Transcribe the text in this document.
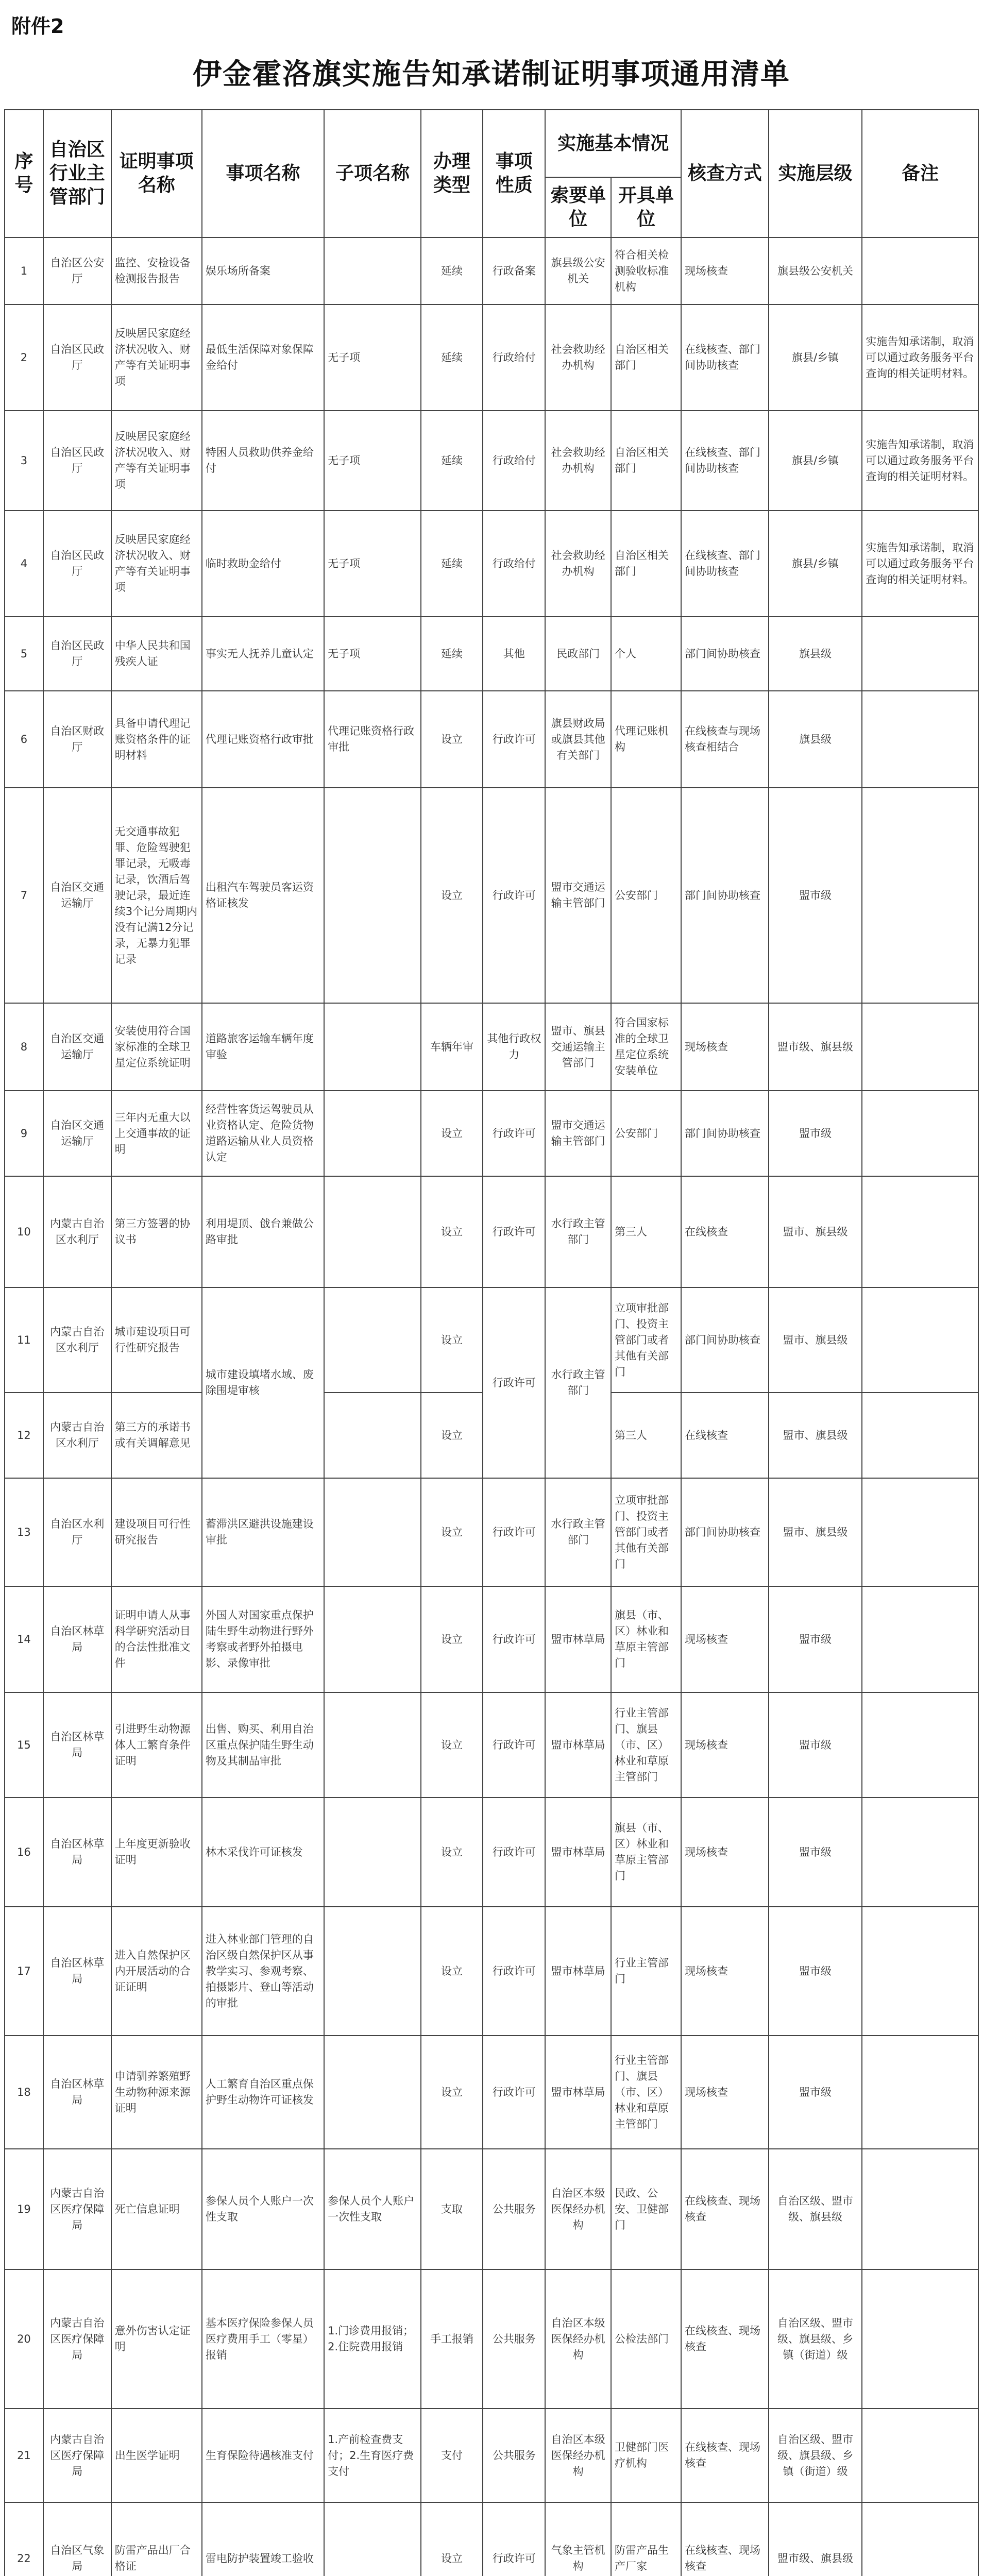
附件2
伊金霍洛旗实施告知承诺制证明事项通用清单
序号	自治区行业主管部门	证明事项名称	事项名称	子项名称	办理类型	事项性质	实施基本情况		核查方式	实施层级	备注
							索要单位	开具单位			
1	自治区公安厅	监控、安检设备检测报告报告	娱乐场所备案		延续	行政备案	旗县级公安机关	符合相关检测验收标准机构	现场核查	旗县级公安机关	
2	自治区民政厅	反映居民家庭经济状况收入、财产等有关证明事项	最低生活保障对象保障金给付	无子项	延续	行政给付	社会救助经办机构	自治区相关部门	在线核查、部门间协助核查	旗县/乡镇	实施告知承诺制，取消可以通过政务服务平台查询的相关证明材料。
3	自治区民政厅	反映居民家庭经济状况收入、财产等有关证明事项	特困人员救助供养金给付	无子项	延续	行政给付	社会救助经办机构	自治区相关部门	在线核查、部门间协助核查	旗县/乡镇	实施告知承诺制，取消可以通过政务服务平台查询的相关证明材料。
4	自治区民政厅	反映居民家庭经济状况收入、财产等有关证明事项	临时救助金给付	无子项	延续	行政给付	社会救助经办机构	自治区相关部门	在线核查、部门间协助核查	旗县/乡镇	实施告知承诺制，取消可以通过政务服务平台查询的相关证明材料。
5	自治区民政厅	中华人民共和国残疾人证	事实无人抚养儿童认定	无子项	延续	其他	民政部门	个人	部门间协助核查	旗县级	
6	自治区财政厅	具备申请代理记账资格条件的证明材料	代理记账资格行政审批	代理记账资格行政审批	设立	行政许可	旗县财政局或旗县其他有关部门	代理记账机构	在线核查与现场核查相结合	旗县级	
7	自治区交通运输厅	无交通事故犯罪、危险驾驶犯罪记录，无吸毒记录，饮酒后驾驶记录，最近连续3个记分周期内没有记满12分记录，无暴力犯罪记录	出租汽车驾驶员客运资格证核发		设立	行政许可	盟市交通运输主管部门	公安部门	部门间协助核查	盟市级	
8	自治区交通运输厅	安装使用符合国家标准的全球卫星定位系统证明	道路旅客运输车辆年度审验		车辆年审	其他行政权力	盟市、旗县交通运输主管部门	符合国家标准的全球卫星定位系统安装单位	现场核查	盟市级、旗县级	
9	自治区交通运输厅	三年内无重大以上交通事故的证明	经营性客货运驾驶员从业资格认定、危险货物道路运输从业人员资格认定		设立	行政许可	盟市交通运输主管部门	公安部门	部门间协助核查	盟市级	
10	内蒙古自治区水利厅	第三方签署的协议书	利用堤顶、戗台兼做公路审批		设立	行政许可	水行政主管部门	第三人	在线核查	盟市、旗县级	
11	内蒙古自治区水利厅	城市建设项目可行性研究报告	城市建设填堵水域、废除围堤审核		设立	行政许可	水行政主管部门	立项审批部门、投资主管部门或者其他有关部门	部门间协助核查	盟市、旗县级	
12	内蒙古自治区水利厅	第三方的承诺书或有关调解意见			设立			第三人	在线核查	盟市、旗县级	
13	自治区水利厅	建设项目可行性研究报告	蓄滞洪区避洪设施建设审批		设立	行政许可	水行政主管部门	立项审批部门、投资主管部门或者其他有关部门	部门间协助核查	盟市、旗县级	
14	自治区林草局	证明申请人从事科学研究活动目的合法性批准文件	外国人对国家重点保护陆生野生动物进行野外考察或者野外拍摄电影、录像审批		设立	行政许可	盟市林草局	旗县（市、区）林业和草原主管部门	现场核查	盟市级	
15	自治区林草局	引进野生动物源体人工繁育条件证明	出售、购买、利用自治区重点保护陆生野生动物及其制品审批		设立	行政许可	盟市林草局	行业主管部门、旗县（市、区）林业和草原主管部门	现场核查	盟市级	
16	自治区林草局	上年度更新验收证明	林木采伐许可证核发		设立	行政许可	盟市林草局	旗县（市、区）林业和草原主管部门	现场核查	盟市级	
17	自治区林草局	进入自然保护区内开展活动的合证证明	进入林业部门管理的自治区级自然保护区从事教学实习、参观考察、拍摄影片、登山等活动的审批		设立	行政许可	盟市林草局	行业主管部门	现场核查	盟市级	
18	自治区林草局	申请驯养繁殖野生动物种源来源证明	人工繁育自治区重点保护野生动物许可证核发		设立	行政许可	盟市林草局	行业主管部门、旗县（市、区）林业和草原主管部门	现场核查	盟市级	
19	内蒙古自治区医疗保障局	死亡信息证明	参保人员个人账户一次性支取	参保人员个人账户一次性支取	支取	公共服务	自治区本级医保经办机构	民政、公安、卫健部门	在线核查、现场核查	自治区级、盟市级、旗县级	
20	内蒙古自治区医疗保障局	意外伤害认定证明	基本医疗保险参保人员医疗费用手工（零星）报销	1.门诊费用报销；2.住院费用报销	手工报销	公共服务	自治区本级医保经办机构	公检法部门	在线核查、现场核查	自治区级、盟市级、旗县级、乡镇（街道）级	
21	内蒙古自治区医疗保障局	出生医学证明	生育保险待遇核准支付	1.产前检查费支付；2.生育医疗费支付	支付	公共服务	自治区本级医保经办机构	卫健部门医疗机构	在线核查、现场核查	自治区级、盟市级、旗县级、乡镇（街道）级	
22	自治区气象局	防雷产品出厂合格证	雷电防护装置竣工验收		设立	行政许可	气象主管机构	防雷产品生产厂家	在线核查、现场核查	盟市级、旗县级	
